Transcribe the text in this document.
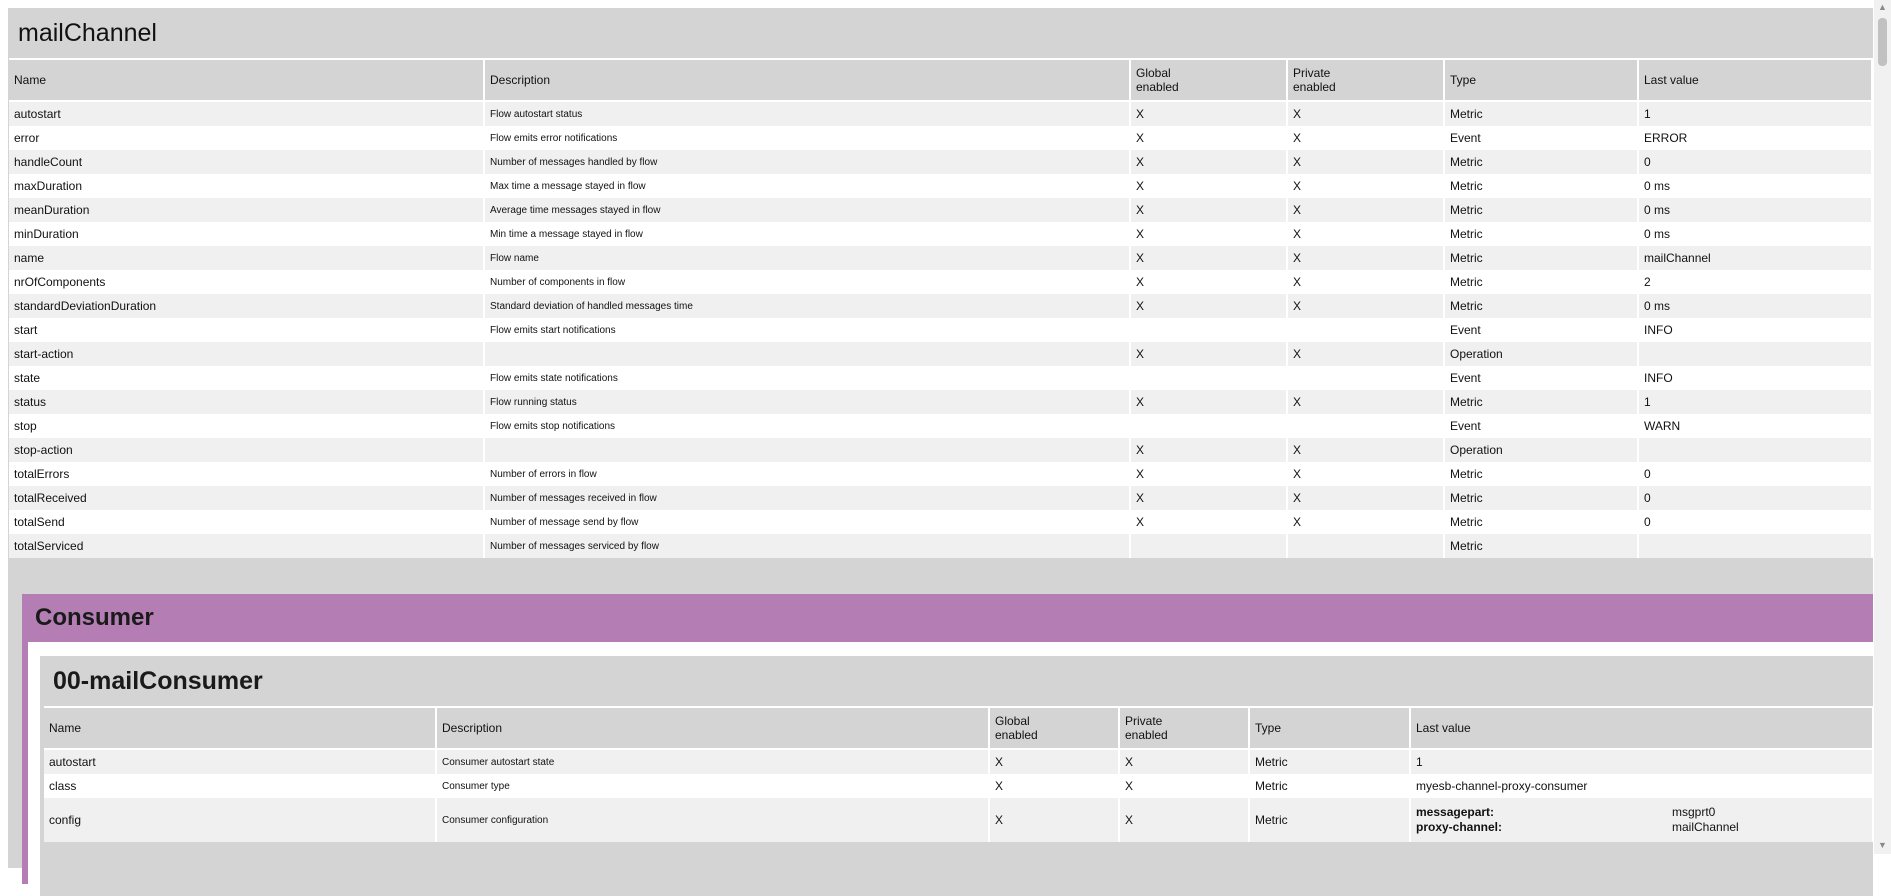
mailChannel
Name	Description	Global enabled	Private enabled	Type	Last value
autostart	Flow autostart status	X	X	Metric	1
error	Flow emits error notifications	X	X	Event	ERROR
handleCount	Number of messages handled by flow	X	X	Metric	0
maxDuration	Max time a message stayed in flow	X	X	Metric	0 ms
meanDuration	Average time messages stayed in flow	X	X	Metric	0 ms
minDuration	Min time a message stayed in flow	X	X	Metric	0 ms
name	Flow name	X	X	Metric	mailChannel
nrOfComponents	Number of components in flow	X	X	Metric	2
standardDeviationDuration	Standard deviation of handled messages time	X	X	Metric	0 ms
start	Flow emits start notifications			Event	INFO
start-action		X	X	Operation	
state	Flow emits state notifications			Event	INFO
status	Flow running status	X	X	Metric	1
stop	Flow emits stop notifications			Event	WARN
stop-action		X	X	Operation	
totalErrors	Number of errors in flow	X	X	Metric	0
totalReceived	Number of messages received in flow	X	X	Metric	0
totalSend	Number of message send by flow	X	X	Metric	0
totalServiced	Number of messages serviced by flow			Metric	
Consumer
00-mailConsumer
Name	Description	Global enabled	Private enabled	Type	Last value
autostart	Consumer autostart state	X	X	Metric	1
class	Consumer type	X	X	Metric	myesb-channel-proxy-consumer
config	Consumer configuration	X	X	Metric	messagepart: msgprt0
proxy-channel: mailChannel
▲
▼
